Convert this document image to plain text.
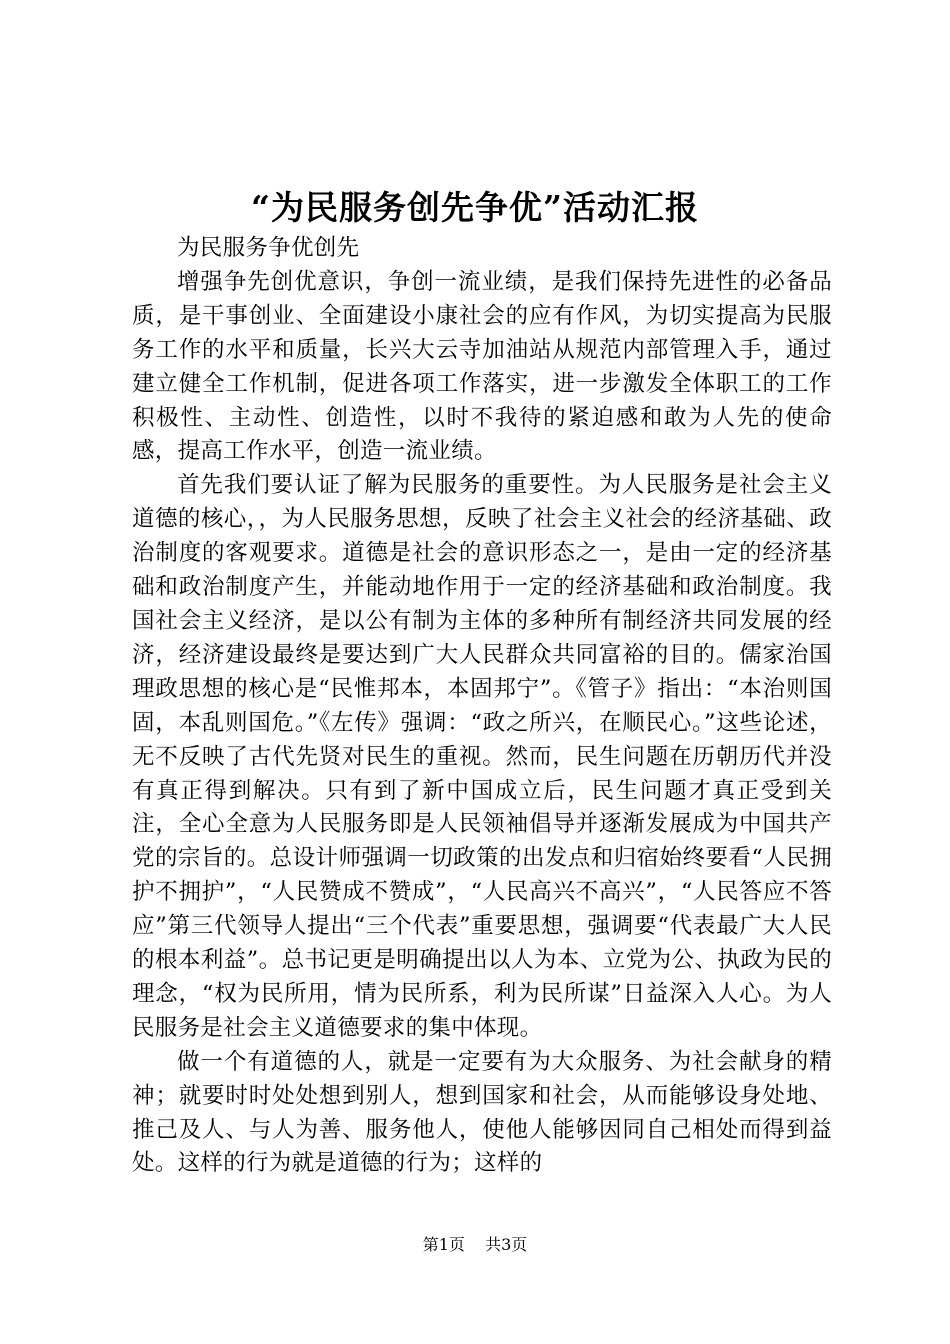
“为民服务创先争优”活动汇报

为民服务争优创先

增强争先创优意识，争创一流业绩，是我们保持先进性的必备品质，是干事创业、全面建设小康社会的应有作风，为切实提高为民服务工作的水平和质量，长兴大云寺加油站从规范内部管理入手，通过建立健全工作机制，促进各项工作落实，进一步激发全体职工的工作积极性、主动性、创造性，以时不我待的紧迫感和敢为人先的使命感，提高工作水平，创造一流业绩。

首先我们要认证了解为民服务的重要性。为人民服务是社会主义道德的核心，，为人民服务思想，反映了社会主义社会的经济基础、政治制度的客观要求。道德是社会的意识形态之一，是由一定的经济基础和政治制度产生，并能动地作用于一定的经济基础和政治制度。我国社会主义经济，是以公有制为主体的多种所有制经济共同发展的经济，经济建设最终是要达到广大人民群众共同富裕的目的。儒家治国理政思想的核心是“民惟邦本，本固邦宁”。《管子》指出：“本治则国固，本乱则国危。”《左传》强调：“政之所兴，在顺民心。”这些论述，无不反映了古代先贤对民生的重视。然而，民生问题在历朝历代并没有真正得到解决。只有到了新中国成立后，民生问题才真正受到关注，全心全意为人民服务即是人民领袖倡导并逐渐发展成为中国共产党的宗旨的。总设计师强调一切政策的出发点和归宿始终要看“人民拥护不拥护”，“人民赞成不赞成”，“人民高兴不高兴”，“人民答应不答应”第三代领导人提出“三个代表”重要思想，强调要“代表最广大人民的根本利益”。总书记更是明确提出以人为本、立党为公、执政为民的理念，“权为民所用，情为民所系，利为民所谋”日益深入人心。为人民服务是社会主义道德要求的集中体现。

做一个有道德的人，就是一定要有为大众服务、为社会献身的精神；就要时时处处想到别人，想到国家和社会，从而能够设身处地、推己及人、与人为善、服务他人，使他人能够因同自己相处而得到益处。这样的行为就是道德的行为；这样的

第1页 共3页
